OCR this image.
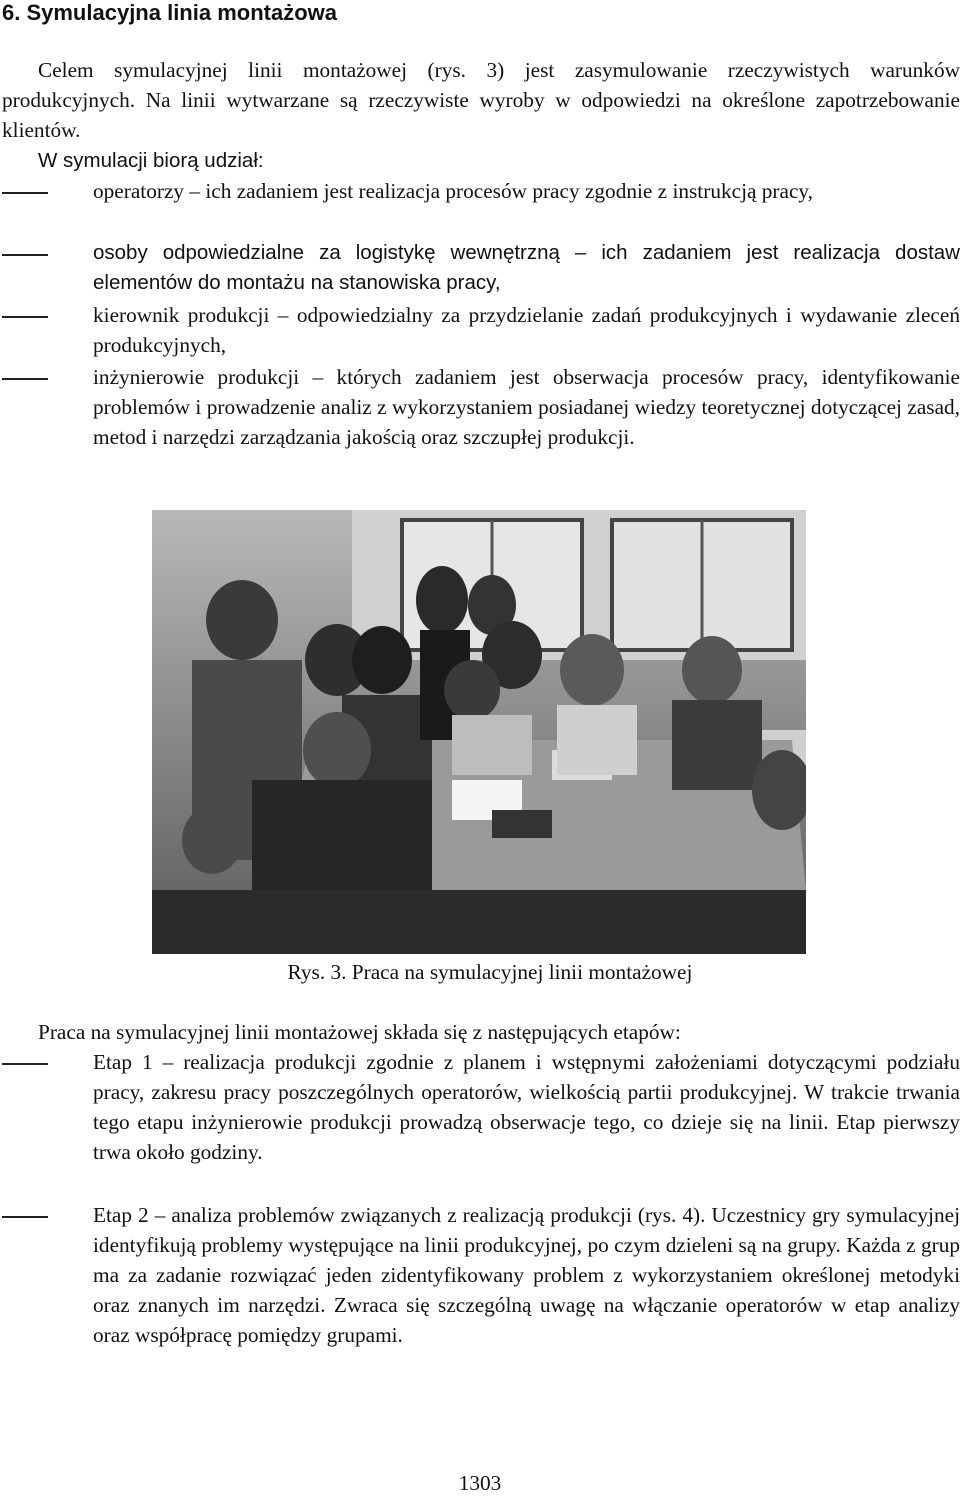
6. Symulacyjna linia montażowa

Celem symulacyjnej linii montażowej (rys. 3) jest zasymulowanie rzeczywistych warunków produkcyjnych. Na linii wytwarzane są rzeczywiste wyroby w odpowiedzi na określone zapotrzebowanie klientów.

W symulacji biorą udział:

operatorzy – ich zadaniem jest realizacja procesów pracy zgodnie z instrukcją pracy,

osoby odpowiedzialne za logistykę wewnętrzną – ich zadaniem jest realizacja dostaw elementów do montażu na stanowiska pracy,

kierownik produkcji – odpowiedzialny za przydzielanie zadań produkcyjnych i wydawanie zleceń produkcyjnych,

inżynierowie produkcji – których zadaniem jest obserwacja procesów pracy, identyfikowanie problemów i prowadzenie analiz z wykorzystaniem posiadanej wiedzy teoretycznej dotyczącej zasad, metod i narzędzi zarządzania jakością oraz szczupłej produkcji.

Rys. 3. Praca na symulacyjnej linii montażowej

Praca na symulacyjnej linii montażowej składa się z następujących etapów:

Etap 1 – realizacja produkcji zgodnie z planem i wstępnymi założeniami dotyczącymi podziału pracy, zakresu pracy poszczególnych operatorów, wielkością partii produkcyjnej. W trakcie trwania tego etapu inżynierowie produkcji prowadzą obserwacje tego, co dzieje się na linii. Etap pierwszy trwa około godziny.

Etap 2 – analiza problemów związanych z realizacją produkcji (rys. 4). Uczestnicy gry symulacyjnej identyfikują problemy występujące na linii produkcyjnej, po czym dzieleni są na grupy. Każda z grup ma za zadanie rozwiązać jeden zidentyfikowany problem z wykorzystaniem określonej metodyki oraz znanych im narzędzi. Zwraca się szczególną uwagę na włączanie operatorów w etap analizy oraz współpracę pomiędzy grupami.

1303
